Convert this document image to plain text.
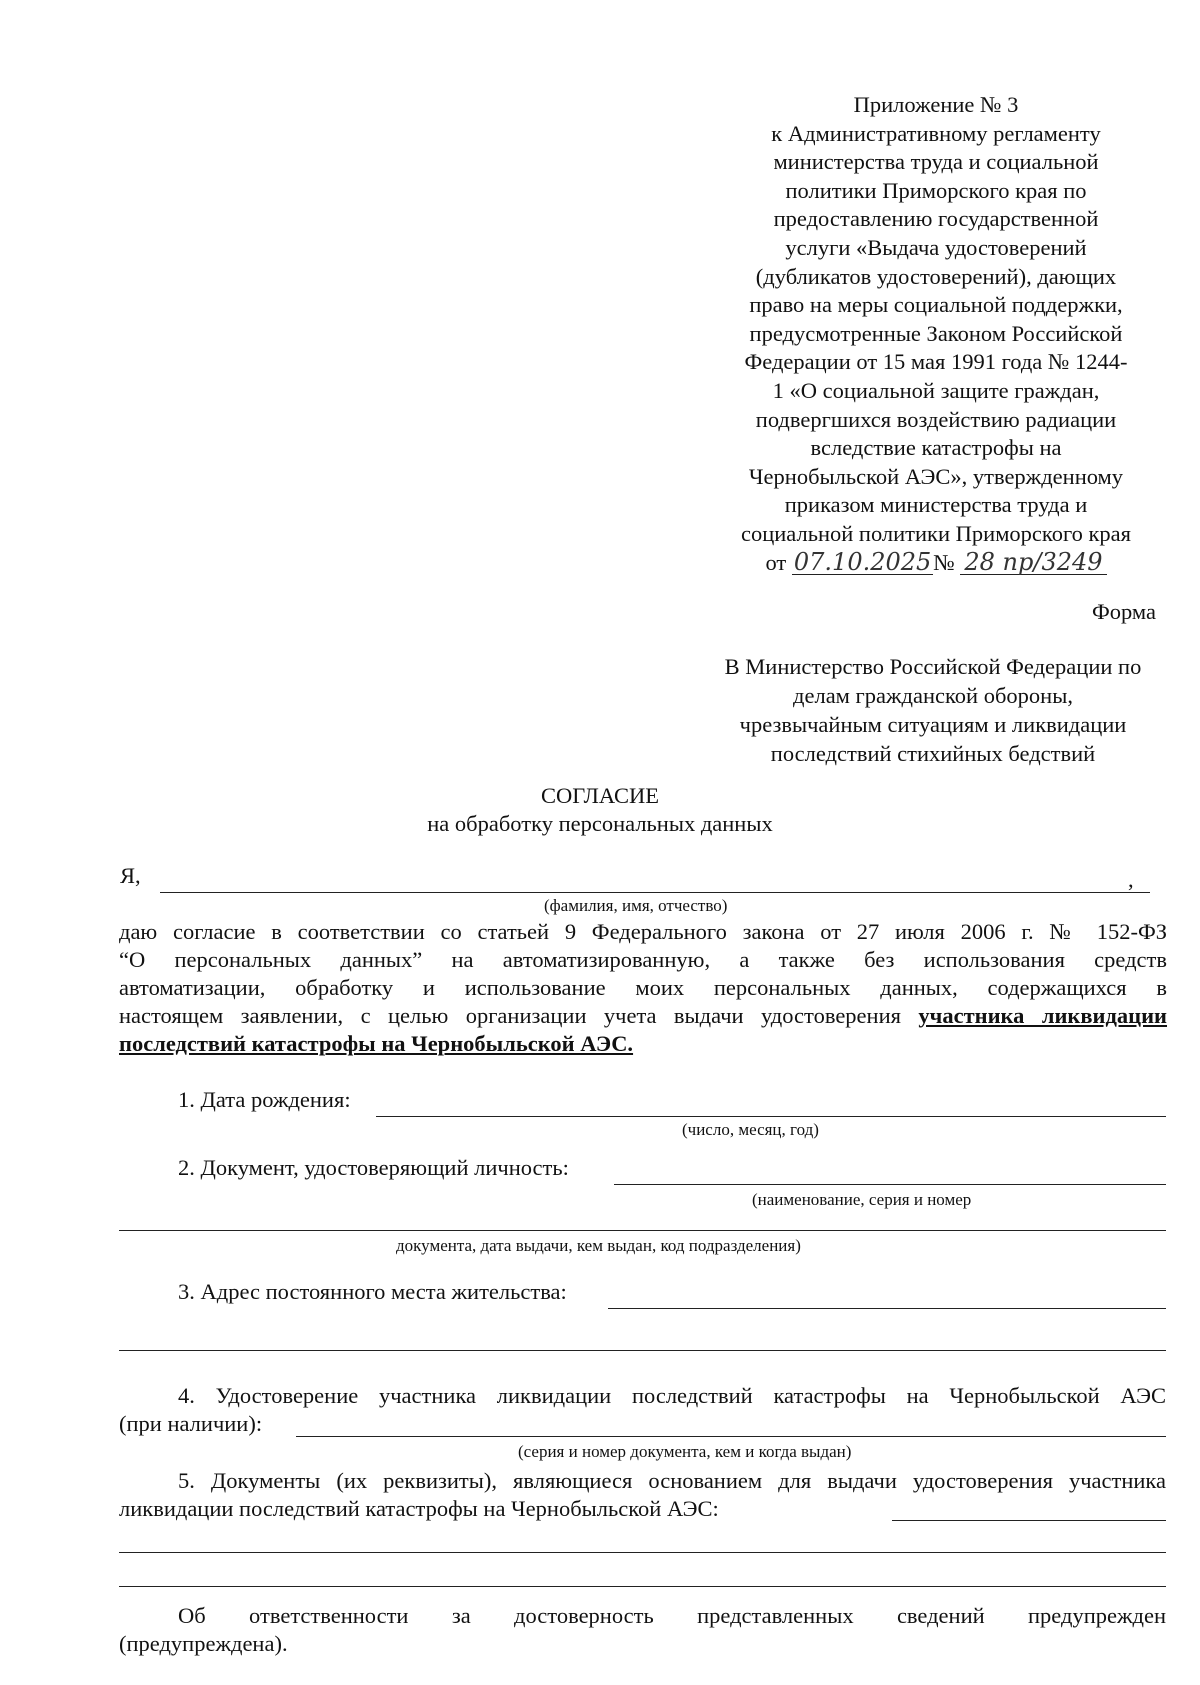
Приложение № 3
к Административному регламенту
министерства труда и социальной
политики Приморского края по
предоставлению государственной
услуги «Выдача удостоверений
(дубликатов удостоверений), дающих
право на меры социальной поддержки,
предусмотренные Законом Российской
Федерации от 15 мая 1991 года № 1244-
1 «О социальной защите граждан,
подвергшихся воздействию радиации
вследствие катастрофы на
Чернобыльской АЭС», утвержденному
приказом министерства труда и
социальной политики Приморского края
от 07.10.2025№ 28 пр/3249
Форма
В Министерство Российской Федерации по
делам гражданской обороны,
чрезвычайным ситуациям и ликвидации
последствий стихийных бедствий
СОГЛАСИЕ
на обработку персональных данных
Я,	,
(фамилия, имя, отчество)
даю согласие в соответствии со статьей 9 Федерального закона от 27 июля 2006 г. № 152-ФЗ
“О персональных данных” на автоматизированную, а также без использования средств
автоматизации, обработку и использование моих персональных данных, содержащихся в
настоящем заявлении, с целью организации учета выдачи удостоверения участника ликвидации
последствий катастрофы на Чернобыльской АЭС.
1. Дата рождения:
(число, месяц, год)
2. Документ, удостоверяющий личность:
(наименование, серия и номер
документа, дата выдачи, кем выдан, код подразделения)
3. Адрес постоянного места жительства:
4. Удостоверение участника ликвидации последствий катастрофы на Чернобыльской АЭС
(при наличии):
(серия и номер документа, кем и когда выдан)
5. Документы (их реквизиты), являющиеся основанием для выдачи удостоверения участника
ликвидации последствий катастрофы на Чернобыльской АЭС:
Об ответственности за достоверность представленных сведений предупрежден
(предупреждена).
